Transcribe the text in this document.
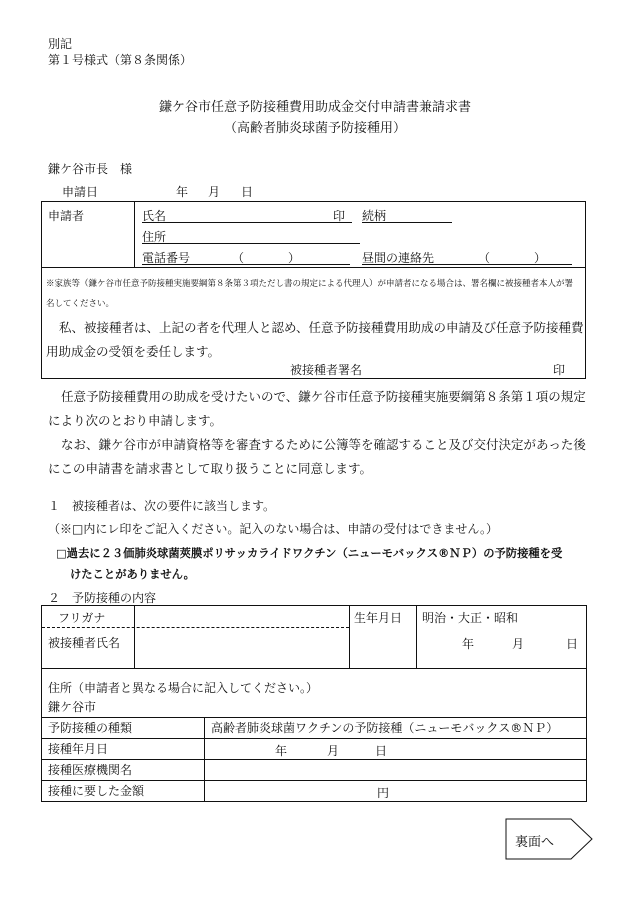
別記
第１号様式（第８条関係）
鎌ケ谷市任意予防接種費用助成金交付申請書兼請求書
（高齢者肺炎球菌予防接種用）
鎌ケ谷市長　様
申請日	年 月 日
申請者	氏名	印 続柄
住所
電話番号	（　　　）	昼間の連絡先	（　　　）
※家族等（鎌ケ谷市任意予防接種実施要綱第８条第３項ただし書の規定による代理人）が申請者になる場合は、署名欄に被接種者本人が署名してください。
私、被接種者は、上記の者を代理人と認め、任意予防接種費用助成の申請及び任意予防接種費用助成金の受領を委任します。
被接種者署名	印
任意予防接種費用の助成を受けたいので、鎌ケ谷市任意予防接種実施要綱第８条第１項の規定により次のとおり申請します。
なお、鎌ケ谷市が申請資格等を審査するために公簿等を確認すること及び交付決定があった後にこの申請書を請求書として取り扱うことに同意します。
１　被接種者は、次の要件に該当します。
（※□内にレ印をご記入ください。記入のない場合は、申請の受付はできません。）
□過去に２３価肺炎球菌莢膜ポリサッカライドワクチン（ニューモバックス®ＮＰ）の予防接種を受
けたことがありません。
２　予防接種の内容
フリガナ
被接種者氏名
生年月日 明治・大正・昭和
年	月	日
住所（申請者と異なる場合に記入してください。）
鎌ケ谷市
予防接種の種類	高齢者肺炎球菌ワクチンの予防接種（ニューモバックス®ＮＰ）
接種年月日	年 月 日

接種医療機関名	
接種に要した金額	円
裏面へ
